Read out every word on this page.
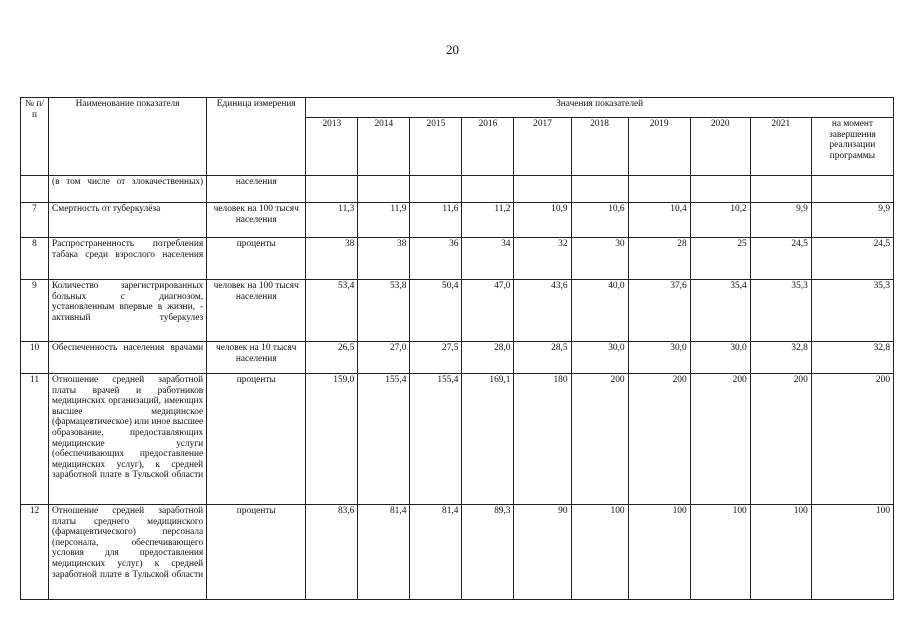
20
№ п/п	Наименование показателя	Единица измерения	Значения показателей									
			2013	2014	2015	2016	2017	2018	2019	2020	2021	на момент завершения реализации программы

	(в том числе от злокачественных)	населения										
7	Смертность от туберкулёза	человек на 100 тысяч населения	11,3	11,9	11,6	11,2	10,9	10,6	10,4	10,2	9,9	9,9
8	Распространенность потребления табака среди взрослого населения	проценты	38	38	36	34	32	30	28	25	24,5	24,5
9	Количество зарегистрированных больных с диагнозом, установленным впервые в жизни, - активный туберкулез	человек на 100 тысяч населения	53,4	53,8	50,4	47,0	43,6	40,0	37,6	35,4	35,3	35,3
10	Обеспеченность населения врачами	человек на 10 тысяч населения	26,5	27,0	27,5	28,0	28,5	30,0	30,0	30,0	32,8	32,8
11	Отношение средней заработной платы врачей и работников медицинских организаций, имеющих высшее медицинское (фармацевтическое) или иное высшее образование, предоставляющих медицинские услуги (обеспечивающих предоставление медицинских услуг), к средней заработной плате в Тульской области	проценты	159,0	155,4	155,4	169,1	180	200	200	200	200	200
12	Отношение средней заработной платы среднего медицинского (фармацевтического) персонала (персонала, обеспечивающего условия для предоставления медицинских услуг) к средней заработной плате в Тульской области	проценты	83,6	81,4	81,4	89,3	90	100	100	100	100	100
